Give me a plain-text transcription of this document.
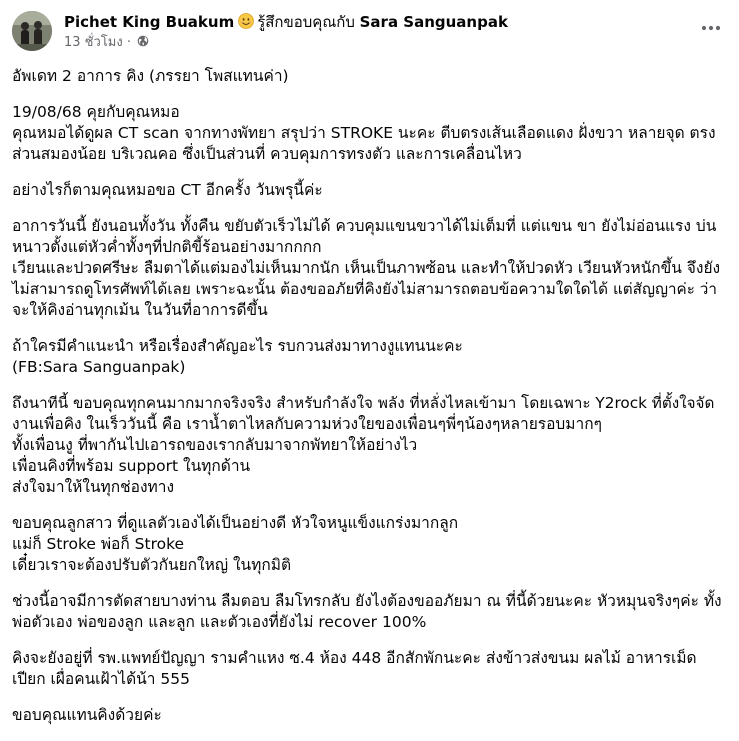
Pichet King Buakum รู้สึกขอบคุณกับ Sara Sanguanpak
13 ชั่วโมง ·
อัพเดท 2 อาการ คิง (ภรรยา โพสแทนค่า)
19/08/68 คุยกับคุณหมอ
คุณหมอได้ดูผล CT scan จากทางพัทยา สรุปว่า STROKE นะคะ ตีบตรงเส้นเลือดแดง ฝั่งขวา หลายจุด ตรง
ส่วนสมองน้อย บริเวณคอ ซึ่งเป็นส่วนที่ ควบคุมการทรงตัว และการเคลื่อนไหว
อย่างไรก็ตามคุณหมอขอ CT อีกครั้ง วันพรุนี้ค่ะ
อาการวันนี้ ยังนอนทั้งวัน ทั้งคืน ขยับตัวเร็วไม่ได้ ควบคุมแขนขวาได้ไม่เต็มที่ แต่แขน ขา ยังไม่อ่อนแรง บ่น
หนาวตั้งแต่หัวค่ำทั้งๆที่ปกติขี้ร้อนอย่างมากกกก
เวียนและปวดศรีษะ ลืมตาได้แต่มองไม่เห็นมากนัก เห็นเป็นภาพซ้อน และทำให้ปวดหัว เวียนหัวหนักขึ้น จึงยัง
ไม่สามารถดูโทรศัพท์ได้เลย เพราะฉะนั้น ต้องขออภัยที่คิงยังไม่สามารถตอบข้อความใดใดได้ แต่สัญญาค่ะ ว่า
จะให้คิงอ่านทุกเม้น ในวันที่อาการดีขึ้น
ถ้าใครมีคำแนะนำ หรือเรื่องสำคัญอะไร รบกวนส่งมาทางงูแทนนะคะ
(FB:Sara Sanguanpak)
ถึงนาทีนี้ ขอบคุณทุกคนมากมากจริงจริง สำหรับกำลังใจ พลัง ที่หลั่งไหลเข้ามา โดยเฉพาะ Y2rock ที่ตั้งใจจัด
งานเพื่อคิง ในเร็ววันนี้ คือ เราน้ำตาไหลกับความห่วงใยของเพื่อนๆพี่ๆน้องๆหลายรอบมากๆ
ทั้งเพื่อนงู ที่พากันไปเอารถของเรากลับมาจากพัทยาให้อย่างไว
เพื่อนคิงที่พร้อม support ในทุกด้าน
ส่งใจมาให้ในทุกช่องทาง
ขอบคุณลูกสาว ที่ดูแลตัวเองได้เป็นอย่างดี หัวใจหนูแข็งแกร่งมากลูก
แม่ก็ Stroke พ่อก็ Stroke
เดี๋ยวเราจะต้องปรับตัวกันยกใหญ่ ในทุกมิติ
ช่วงนี้อาจมีการตัดสายบางท่าน ลืมตอบ ลืมโทรกลับ ยังไงต้องขออภัยมา ณ ที่นี้ด้วยนะคะ หัวหมุนจริงๆค่ะ ทั้ง
พ่อตัวเอง พ่อของลูก และลูก และตัวเองที่ยังไม่ recover 100%
คิงจะยังอยู่ที่ รพ.แพทย์ปัญญา รามคำแหง ซ.4 ห้อง 448 อีกสักพักนะคะ ส่งข้าวส่งขนม ผลไม้ อาหารเม็ด
เปียก เผื่อคนเฝ้าได้น้า 555
ขอบคุณแทนคิงด้วยค่ะ
